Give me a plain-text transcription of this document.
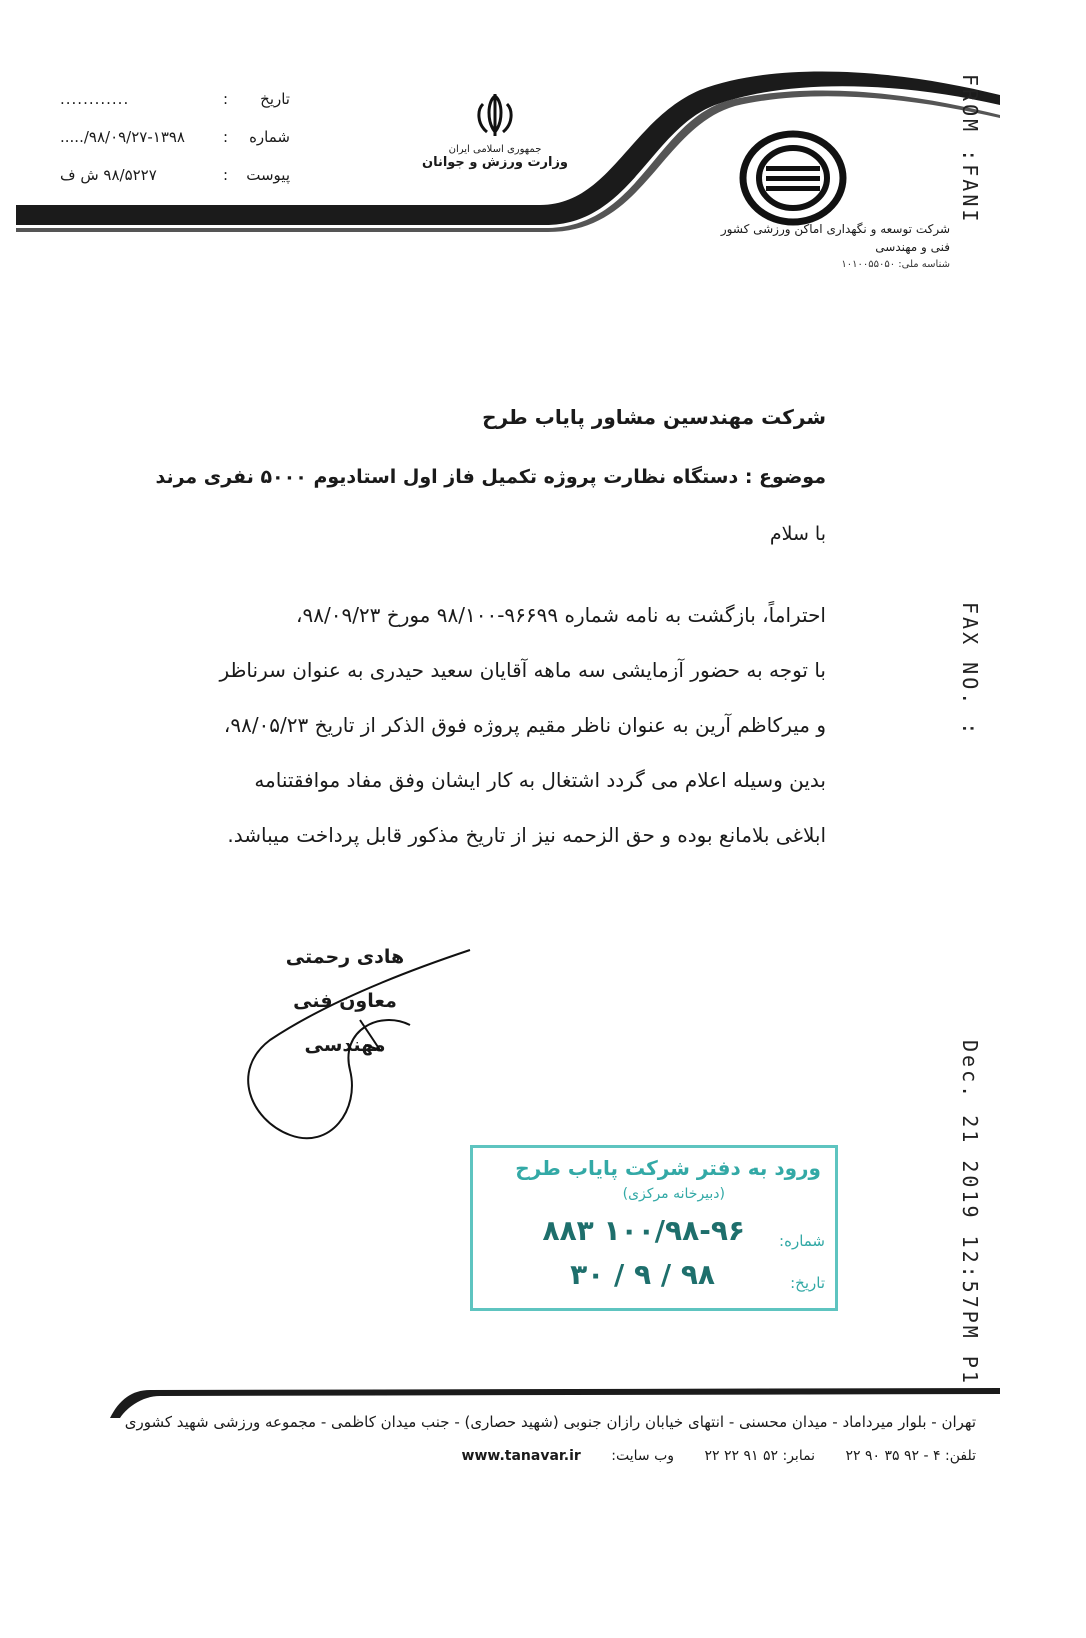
تاریخ
:
............
شماره
:
۹۸/۰۹/۲۷-۱۳۹۸/.....
پیوست
:
۹۸/۵۲۲۷ ش ف
جمهوری اسلامی ایران
وزارت ورزش و جوانان
شرکت توسعه و نگهداری اماکن ورزشی کشور
فنی و مهندسی
شناسه ملی: ۱۰۱۰۰۵۵۰۵۰
FROM :FANI
FAX NO. :
Dec. 21 2019 12:57PM P1
شرکت مهندسین مشاور پایاب طرح
موضوع : دستگاه نظارت پروژه تکمیل فاز اول استادیوم ۵۰۰۰ نفری مرند
با سلام

احتراماً، بازگشت به نامه شماره ۹۶۶۹۹-۹۸/۱۰۰ مورخ ۹۸/۰۹/۲۳،

با توجه به حضور آزمایشی سه ماهه آقایان سعید حیدری به عنوان سرناظر

و میرکاظم آرین به عنوان ناظر مقیم پروژه فوق الذکر از تاریخ ۹۸/۰۵/۲۳،

بدین وسیله اعلام می گردد اشتغال به کار ایشان وفق مفاد موافقتنامه

ابلاغی بلامانع بوده و حق الزحمه نیز از تاریخ مذکور قابل پرداخت میباشد.

هادی رحمتی
معاون فنی مهندسی
ورود به دفتر شرکت پایاب طرح
(دبیرخانه مرکزی)
شماره:
۱۰۰/۹۸-۹۶ ۸۸۳
تاریخ:
۹۸ / ۹ / ۳۰
تهران - بلوار میرداماد - میدان محسنی - انتهای خیابان رازان جنوبی (شهید حصاری) - جنب میدان کاظمی - مجموعه ورزشی شهید کشوری
تلفن: ۴ - ۹۲ ۳۵ ۹۰ ۲۲ نمابر: ۵۲ ۹۱ ۲۲ ۲۲ وب سایت: www.tanavar.ir
